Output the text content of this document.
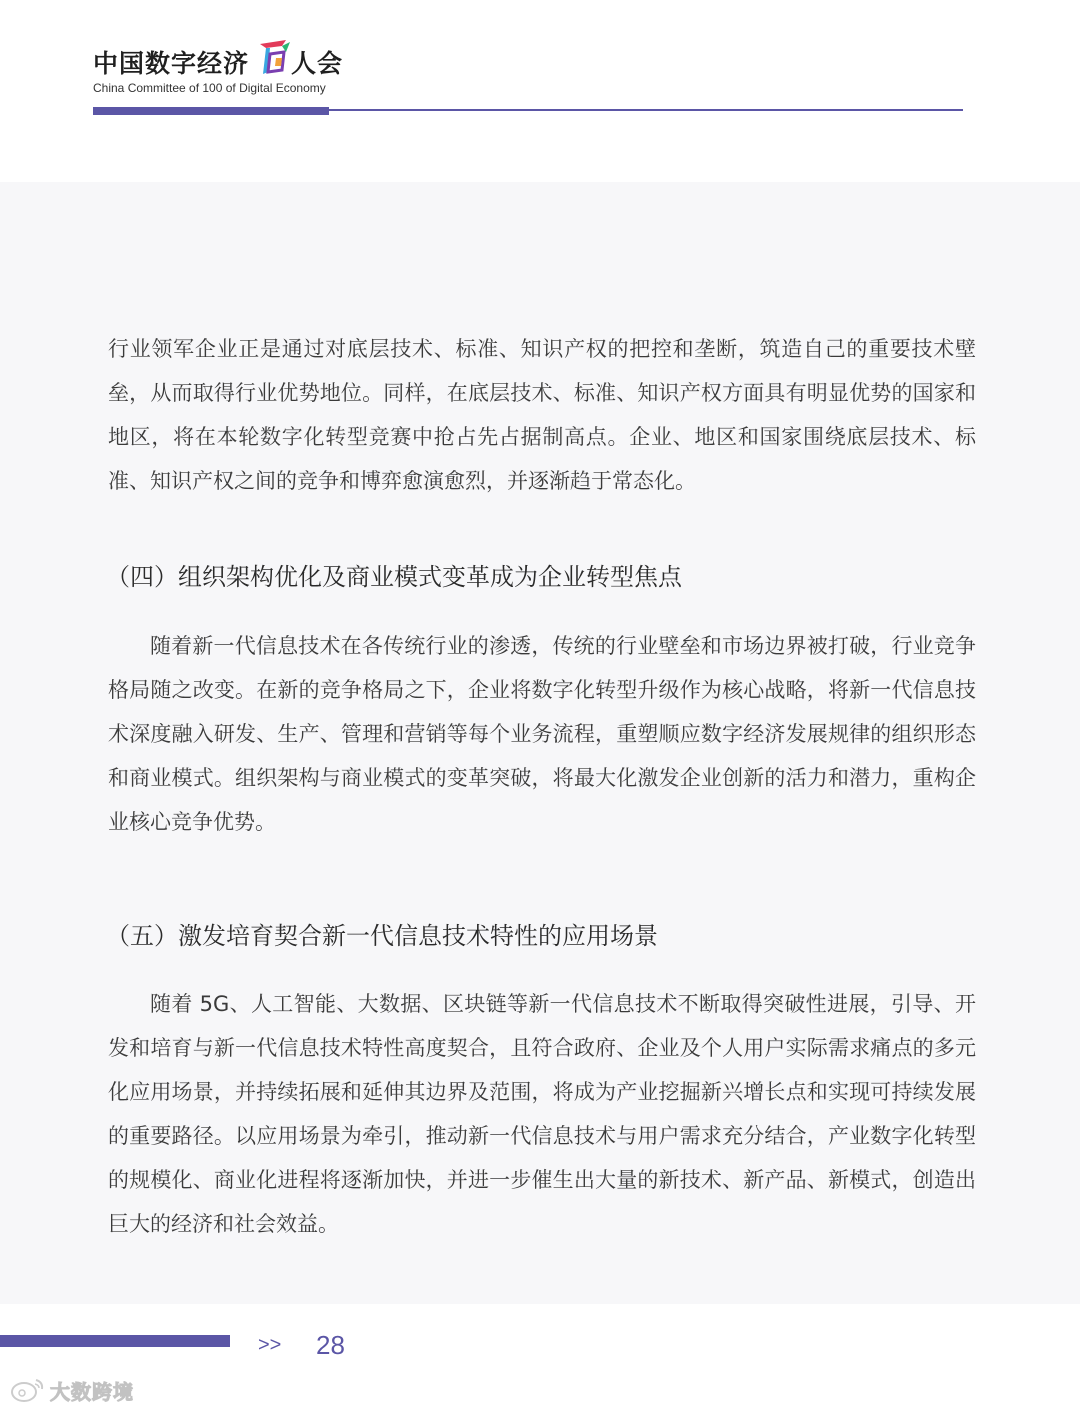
中国数字经济 人会
China Committee of 100 of Digital Economy

行业领军企业正是通过对底层技术、标准、知识产权的把控和垄断，筑造自己的重要技术壁垒，从而取得行业优势地位。同样，在底层技术、标准、知识产权方面具有明显优势的国家和地区，将在本轮数字化转型竞赛中抢占先占据制高点。企业、地区和国家围绕底层技术、标准、知识产权之间的竞争和博弈愈演愈烈，并逐渐趋于常态化。

（四）组织架构优化及商业模式变革成为企业转型焦点

随着新一代信息技术在各传统行业的渗透，传统的行业壁垒和市场边界被打破，行业竞争格局随之改变。在新的竞争格局之下，企业将数字化转型升级作为核心战略，将新一代信息技术深度融入研发、生产、管理和营销等每个业务流程，重塑顺应数字经济发展规律的组织形态和商业模式。组织架构与商业模式的变革突破，将最大化激发企业创新的活力和潜力，重构企业核心竞争优势。

（五）激发培育契合新一代信息技术特性的应用场景

随着 5G、人工智能、大数据、区块链等新一代信息技术不断取得突破性进展，引导、开发和培育与新一代信息技术特性高度契合，且符合政府、企业及个人用户实际需求痛点的多元化应用场景，并持续拓展和延伸其边界及范围，将成为产业挖掘新兴增长点和实现可持续发展的重要路径。以应用场景为牵引，推动新一代信息技术与用户需求充分结合，产业数字化转型的规模化、商业化进程将逐渐加快，并进一步催生出大量的新技术、新产品、新模式，创造出巨大的经济和社会效益。

>> 28
大数跨境
